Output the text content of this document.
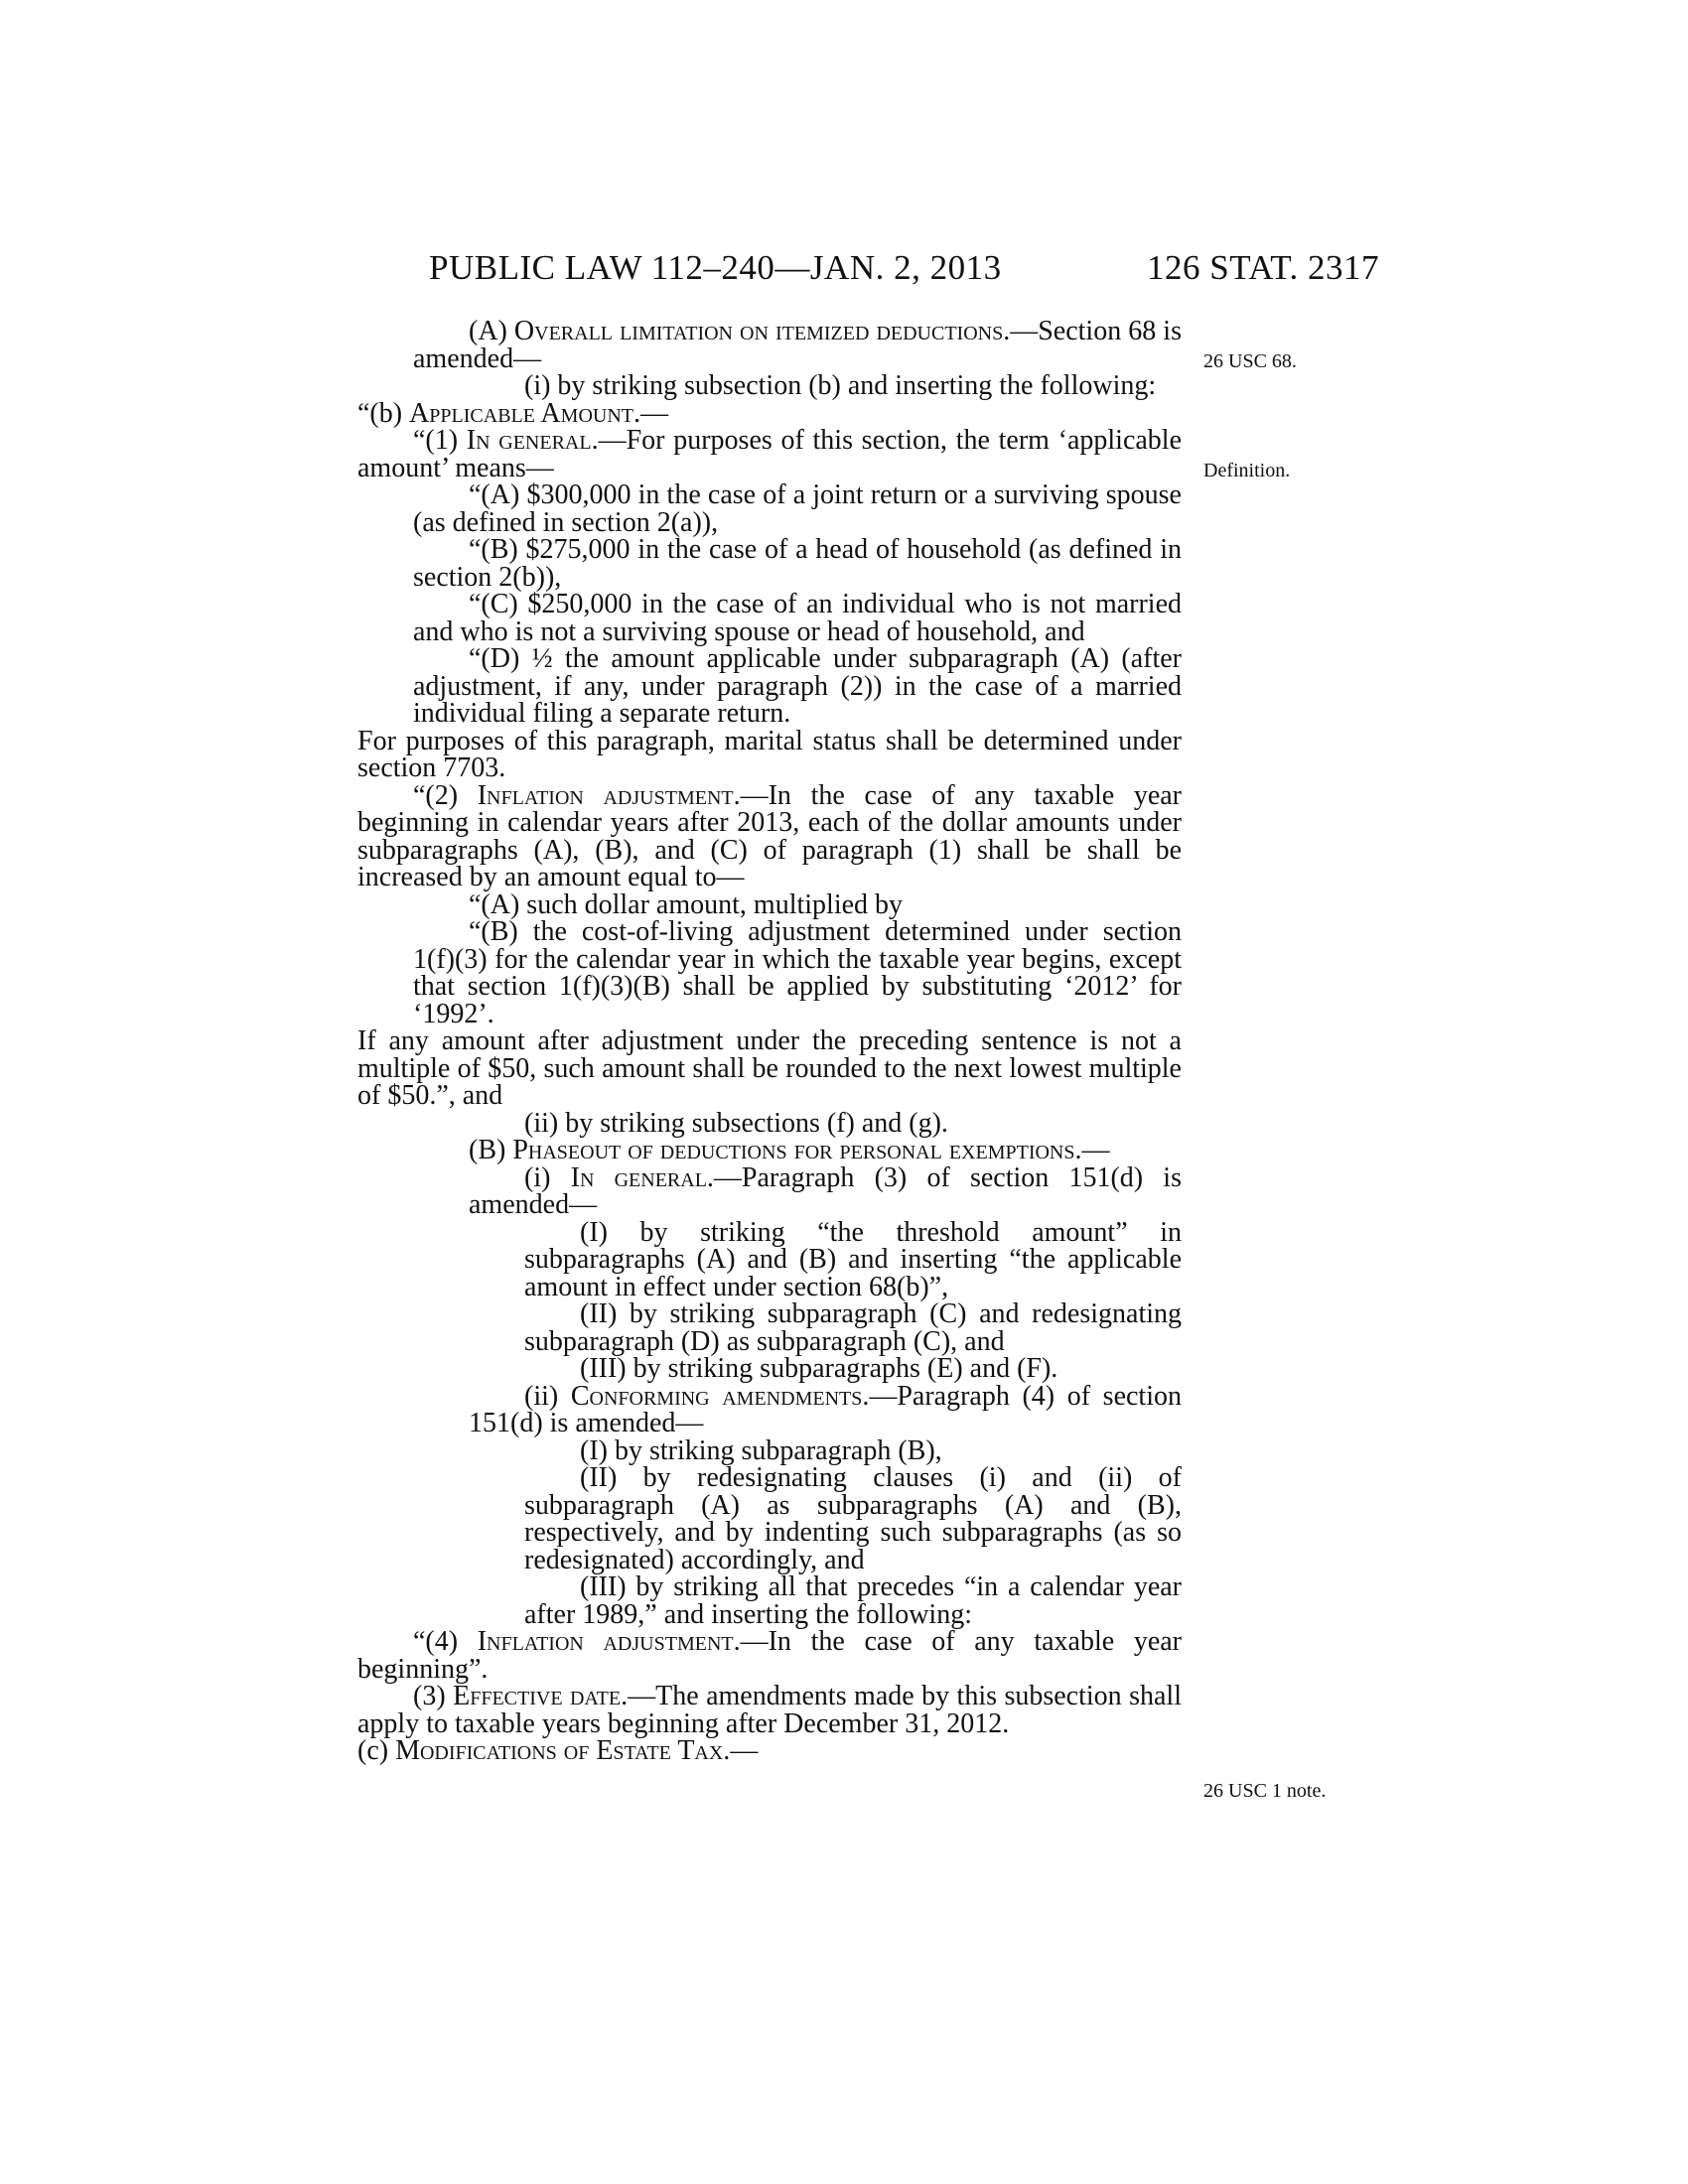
PUBLIC LAW 112–240—JAN. 2, 2013	126 STAT. 2317
26 USC 68.
Definition.
26 USC 1 note.

(A) Overall limitation on itemized deductions.—Section 68 is amended—

(i) by striking subsection (b) and inserting the following:

“(b) Applicable Amount.—

“(1) In general.—For purposes of this section, the term ‘applicable amount’ means—

“(A) $300,000 in the case of a joint return or a surviving spouse (as defined in section 2(a)),

“(B) $275,000 in the case of a head of household (as defined in section 2(b)),

“(C) $250,000 in the case of an individual who is not married and who is not a surviving spouse or head of household, and

“(D) ½ the amount applicable under subparagraph (A) (after adjustment, if any, under paragraph (2)) in the case of a married individual filing a separate return.

For purposes of this paragraph, marital status shall be determined under section 7703.

“(2) Inflation adjustment.—In the case of any taxable year beginning in calendar years after 2013, each of the dollar amounts under subparagraphs (A), (B), and (C) of paragraph (1) shall be shall be increased by an amount equal to—

“(A) such dollar amount, multiplied by

“(B) the cost-of-living adjustment determined under section 1(f)(3) for the calendar year in which the taxable year begins, except that section 1(f)(3)(B) shall be applied by substituting ‘2012’ for ‘1992’.

If any amount after adjustment under the preceding sentence is not a multiple of $50, such amount shall be rounded to the next lowest multiple of $50.”, and

(ii) by striking subsections (f) and (g).

(B) Phaseout of deductions for personal exemptions.—

(i) In general.—Paragraph (3) of section 151(d) is amended—

(I) by striking “the threshold amount” in subparagraphs (A) and (B) and inserting “the applicable amount in effect under section 68(b)”,

(II) by striking subparagraph (C) and redesignating subparagraph (D) as subparagraph (C), and

(III) by striking subparagraphs (E) and (F).

(ii) Conforming amendments.—Paragraph (4) of section 151(d) is amended—

(I) by striking subparagraph (B),

(II) by redesignating clauses (i) and (ii) of subparagraph (A) as subparagraphs (A) and (B), respectively, and by indenting such subparagraphs (as so redesignated) accordingly, and

(III) by striking all that precedes “in a calendar year after 1989,” and inserting the following:

“(4) Inflation adjustment.—In the case of any taxable year beginning”.

(3) Effective date.—The amendments made by this subsection shall apply to taxable years beginning after December 31, 2012.

(c) Modifications of Estate Tax.—
